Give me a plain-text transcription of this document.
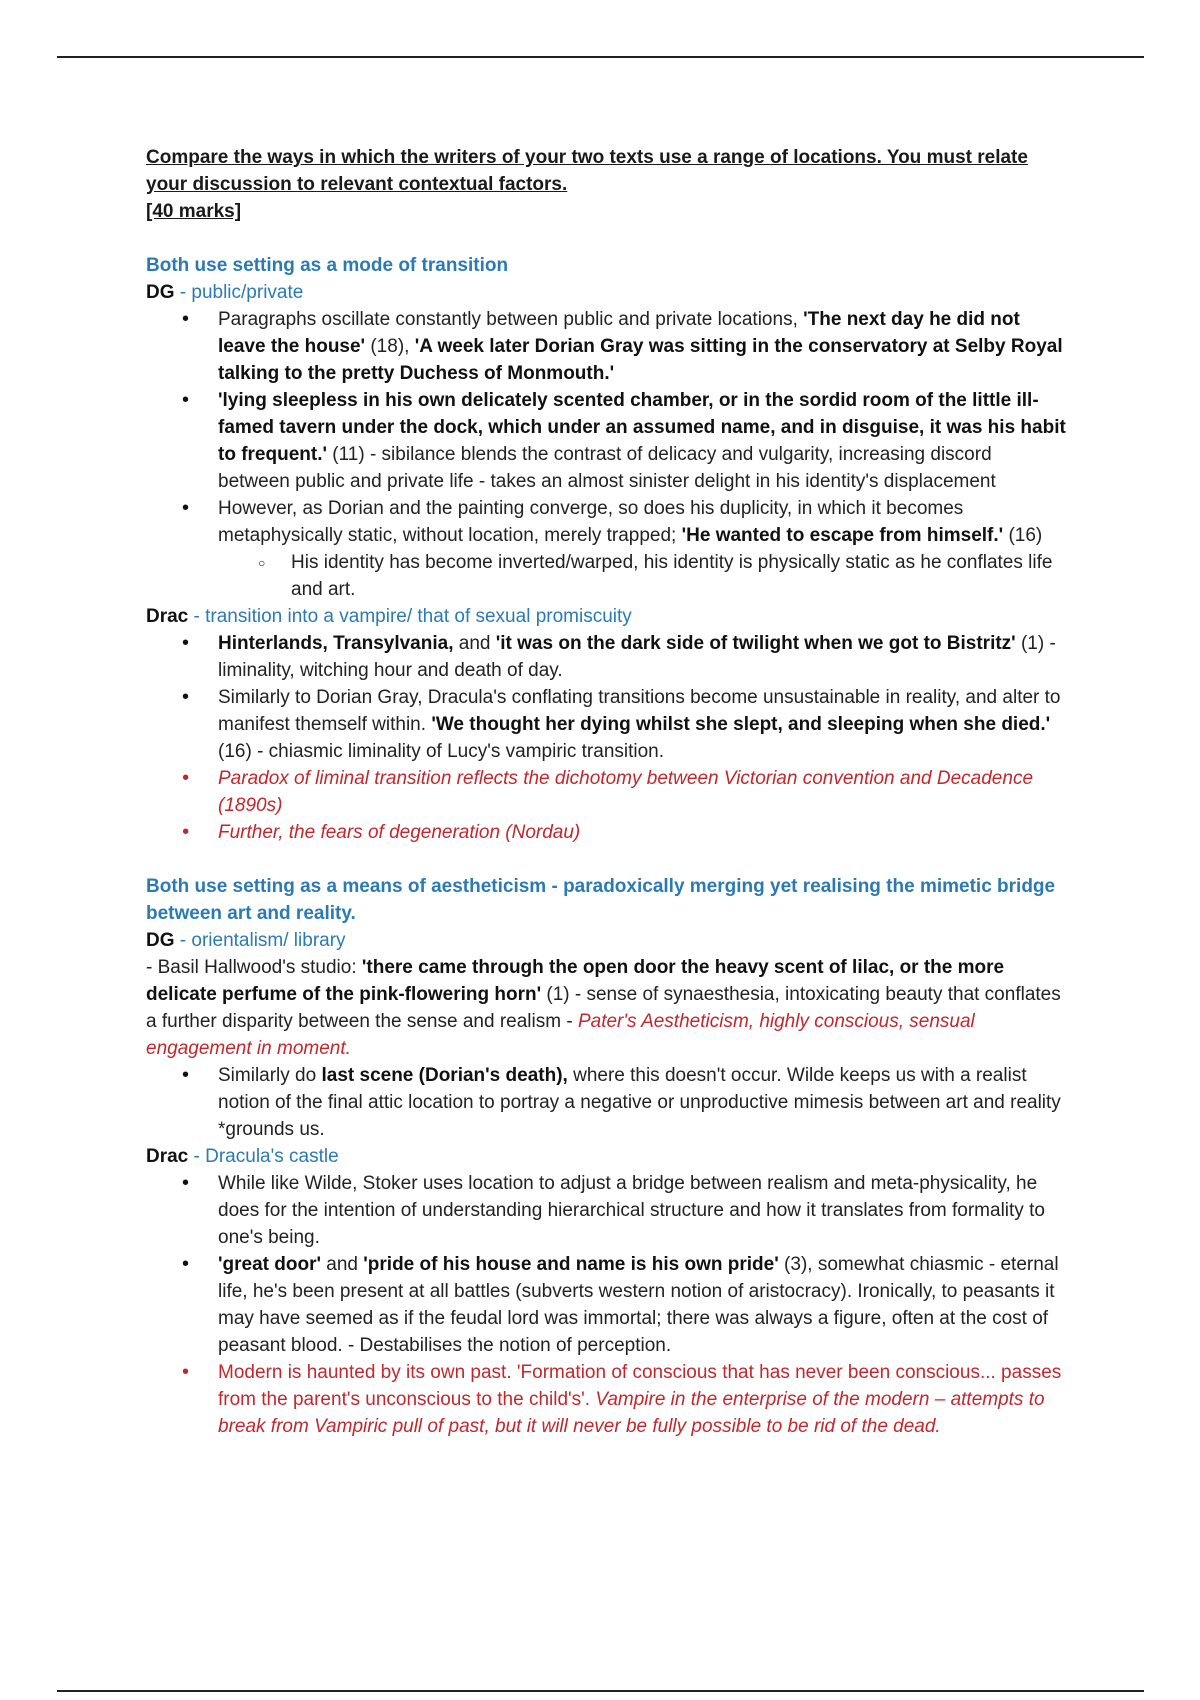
Compare the ways in which the writers of your two texts use a range of locations. You must relate
your discussion to relevant contextual factors.
[40 marks]
Both use setting as a mode of transition
DG - public/private
• Paragraphs oscillate constantly between public and private locations, 'The next day he did not leave the house' (18), 'A week later Dorian Gray was sitting in the conservatory at Selby Royal talking to the pretty Duchess of Monmouth.'
• 'lying sleepless in his own delicately scented chamber, or in the sordid room of the little ill-famed tavern under the dock, which under an assumed name, and in disguise, it was his habit to frequent.' (11) - sibilance blends the contrast of delicacy and vulgarity, increasing discord between public and private life - takes an almost sinister delight in his identity's displacement
• However, as Dorian and the painting converge, so does his duplicity, in which it becomes metaphysically static, without location, merely trapped; 'He wanted to escape from himself.' (16)
○ His identity has become inverted/warped, his identity is physically static as he conflates life and art.
Drac - transition into a vampire/ that of sexual promiscuity
• Hinterlands, Transylvania, and 'it was on the dark side of twilight when we got to Bistritz' (1) - liminality, witching hour and death of day.
• Similarly to Dorian Gray, Dracula's conflating transitions become unsustainable in reality, and alter to manifest themself within. 'We thought her dying whilst she slept, and sleeping when she died.' (16) - chiasmic liminality of Lucy's vampiric transition.
• Paradox of liminal transition reflects the dichotomy between Victorian convention and Decadence (1890s)
• Further, the fears of degeneration (Nordau)
Both use setting as a means of aestheticism - paradoxically merging yet realising the mimetic bridge between art and reality.
DG - orientalism/ library
- Basil Hallwood's studio: 'there came through the open door the heavy scent of lilac, or the more delicate perfume of the pink-flowering horn' (1) - sense of synaesthesia, intoxicating beauty that conflates a further disparity between the sense and realism - Pater's Aestheticism, highly conscious, sensual engagement in moment.
• Similarly do last scene (Dorian's death), where this doesn't occur. Wilde keeps us with a realist notion of the final attic location to portray a negative or unproductive mimesis between art and reality *grounds us.
Drac - Dracula's castle
• While like Wilde, Stoker uses location to adjust a bridge between realism and meta-physicality, he does for the intention of understanding hierarchical structure and how it translates from formality to one's being.
• 'great door' and 'pride of his house and name is his own pride' (3), somewhat chiasmic - eternal life, he's been present at all battles (subverts western notion of aristocracy). Ironically, to peasants it may have seemed as if the feudal lord was immortal; there was always a figure, often at the cost of peasant blood. - Destabilises the notion of perception.
• Modern is haunted by its own past. 'Formation of conscious that has never been conscious... passes from the parent's unconscious to the child's'. Vampire in the enterprise of the modern – attempts to break from Vampiric pull of past, but it will never be fully possible to be rid of the dead.
